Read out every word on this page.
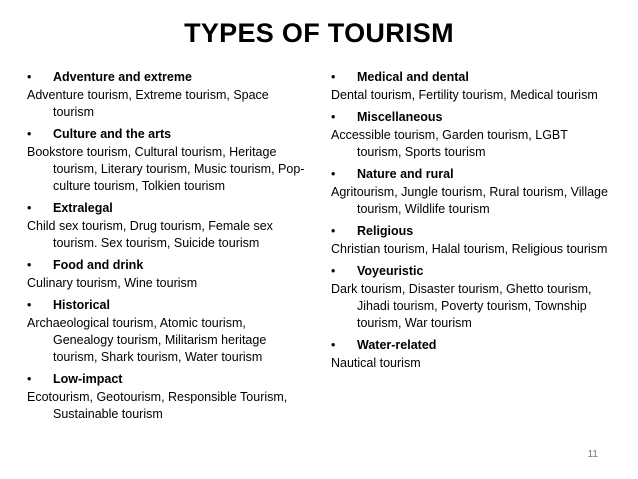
TYPES OF TOURISM
•	Adventure and extreme
Adventure tourism, Extreme tourism, Space tourism
•	Culture and the arts
Bookstore tourism, Cultural tourism, Heritage tourism, Literary tourism, Music tourism, Pop-culture tourism, Tolkien tourism
•	Extralegal
Child sex tourism, Drug tourism, Female sex tourism. Sex tourism, Suicide tourism
•	Food and drink
Culinary tourism, Wine tourism
•	Historical
Archaeological tourism, Atomic tourism, Genealogy tourism, Militarism heritage tourism, Shark tourism, Water tourism
•	Low-impact
Ecotourism, Geotourism, Responsible Tourism, Sustainable tourism
•	Medical and dental
Dental tourism, Fertility tourism, Medical tourism
•	Miscellaneous
Accessible tourism, Garden tourism, LGBT tourism, Sports tourism
•	Nature and rural
Agritourism, Jungle tourism, Rural tourism, Village tourism, Wildlife tourism
•	Religious
Christian tourism, Halal tourism, Religious tourism
•	Voyeuristic
Dark tourism, Disaster tourism, Ghetto tourism, Jihadi tourism, Poverty tourism, Township tourism, War tourism
•	Water-related
Nautical tourism
11
